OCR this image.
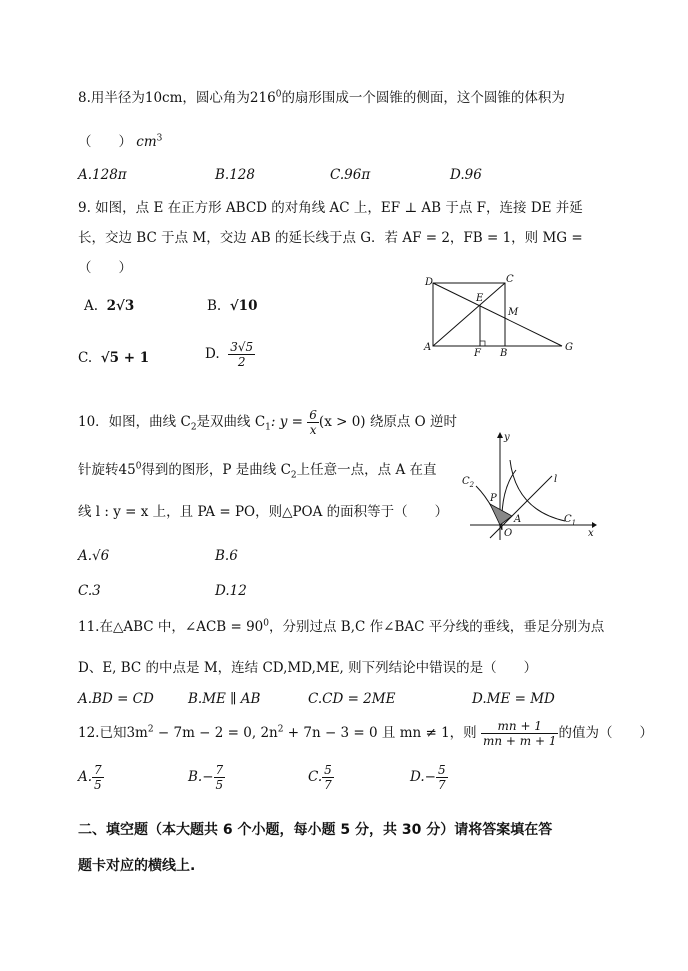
8.用半径为10cm，圆心角为$216^0$的扇形围成一个圆锥的侧面，这个圆锥的体积为
（　　） $cm^3$
A.128π	B.128	C.96π	D.96
9. 如图，点 E 在正方形 ABCD 的对角线 AC 上，EF ⊥ AB 于点 F，连接 DE 并延
长，交边 BC 于点 M，交边 AB 的延长线于点 G．若 AF = 2，FB = 1，则 MG =
（　　）
A. 2√3	B. √10
C. √5 + 1	D. $\frac{3√5}{2}$
D	C
E
M
A
F B
G
10．如图，曲线 $C_2$是双曲线 $C_1$: $y = \frac{6}{x} (x > 0)$ 绕原点 O 逆时
针旋转$45^0$得到的图形，P 是曲线 $C_2$上任意一点，点 A 在直
线 l : y = x 上，且 PA = PO，则△POA 的面积等于（　　）
A.√6	B.6
C.3	D.12
y
x
l
$C_2$
$C_1$
P
A
O
11.在△ABC 中，∠ACB = $90^0$，分别过点 B,C 作∠BAC 平分线的垂线，垂足分别为点
D、E, BC 的中点是 M，连结 CD,MD,ME, 则下列结论中错误的是（　　）
A.BD = CD	B.ME ∥ AB	C.CD = 2ME	D.ME = MD
12.已知$3m^2 - 7m - 2 = 0$, $2n^2 + 7n - 3 = 0$ 且 mn ≠ 1，则 $\frac{mn + 1}{mn + m + 1}$ 的值为（　　）
A. $\frac{7}{5}$	$B.- \frac{7}{5}$	C. $\frac{5}{7}$	$D.- \frac{5}{7}$
二、填空题（本大题共 6 个小题，每小题 5 分，共 30 分）请将答案填在答
题卡对应的横线上.
